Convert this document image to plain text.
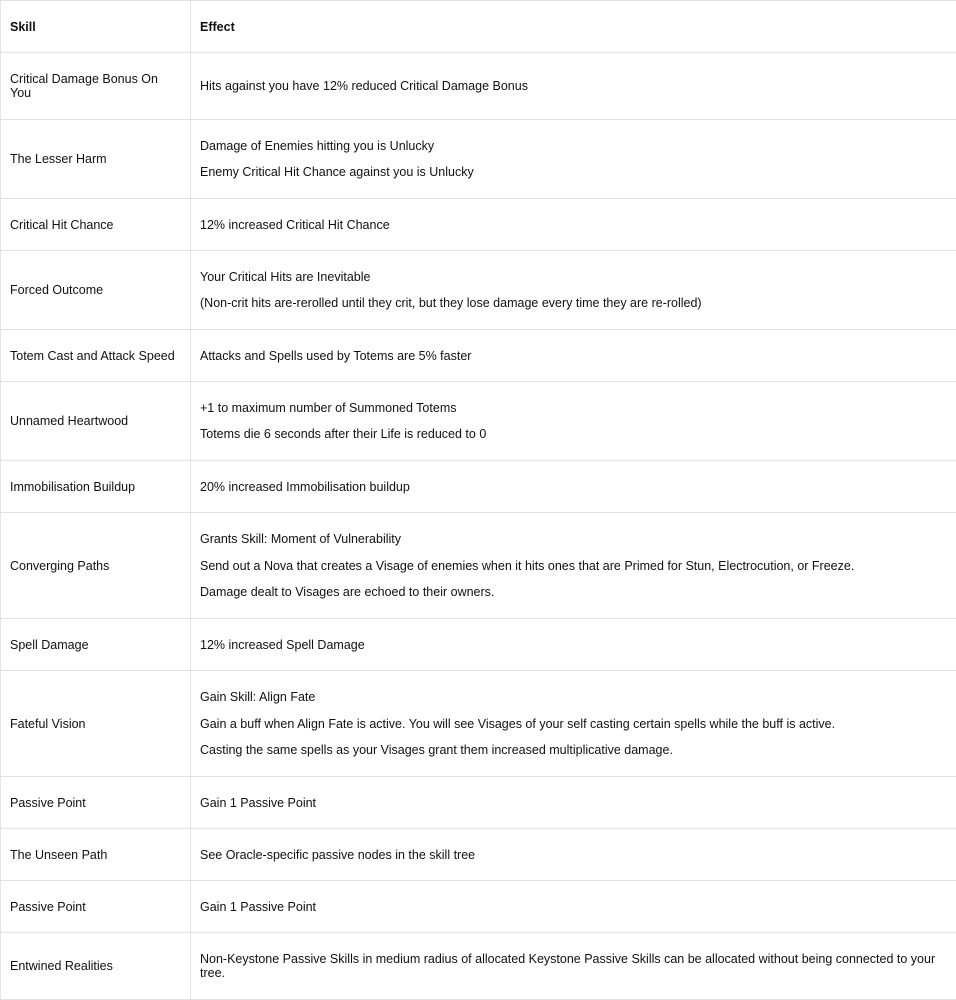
Skill	Effect
Critical Damage Bonus On You	Hits against you have 12% reduced Critical Damage Bonus

The Lesser Harm	Damage of Enemies hitting you is Unlucky

Enemy Critical Hit Chance against you is Unlucky

Critical Hit Chance	12% increased Critical Hit Chance

Forced Outcome	Your Critical Hits are Inevitable

(Non-crit hits are-rerolled until they crit, but they lose damage every time they are re-rolled)

Totem Cast and Attack Speed	Attacks and Spells used by Totems are 5% faster

Unnamed Heartwood	+1 to maximum number of Summoned Totems

Totems die 6 seconds after their Life is reduced to 0

Immobilisation Buildup	20% increased Immobilisation buildup

Converging Paths	Grants Skill: Moment of Vulnerability

Send out a Nova that creates a Visage of enemies when it hits ones that are Primed for Stun, Electrocution, or Freeze.

Damage dealt to Visages are echoed to their owners.

Spell Damage	12% increased Spell Damage

Fateful Vision	Gain Skill: Align Fate

Gain a buff when Align Fate is active. You will see Visages of your self casting certain spells while the buff is active.

Casting the same spells as your Visages grant them increased multiplicative damage.

Passive Point	Gain 1 Passive Point

The Unseen Path	See Oracle-specific passive nodes in the skill tree

Passive Point	Gain 1 Passive Point

Entwined Realities	Non-Keystone Passive Skills in medium radius of allocated Keystone Passive Skills can be allocated without being connected to your tree.
